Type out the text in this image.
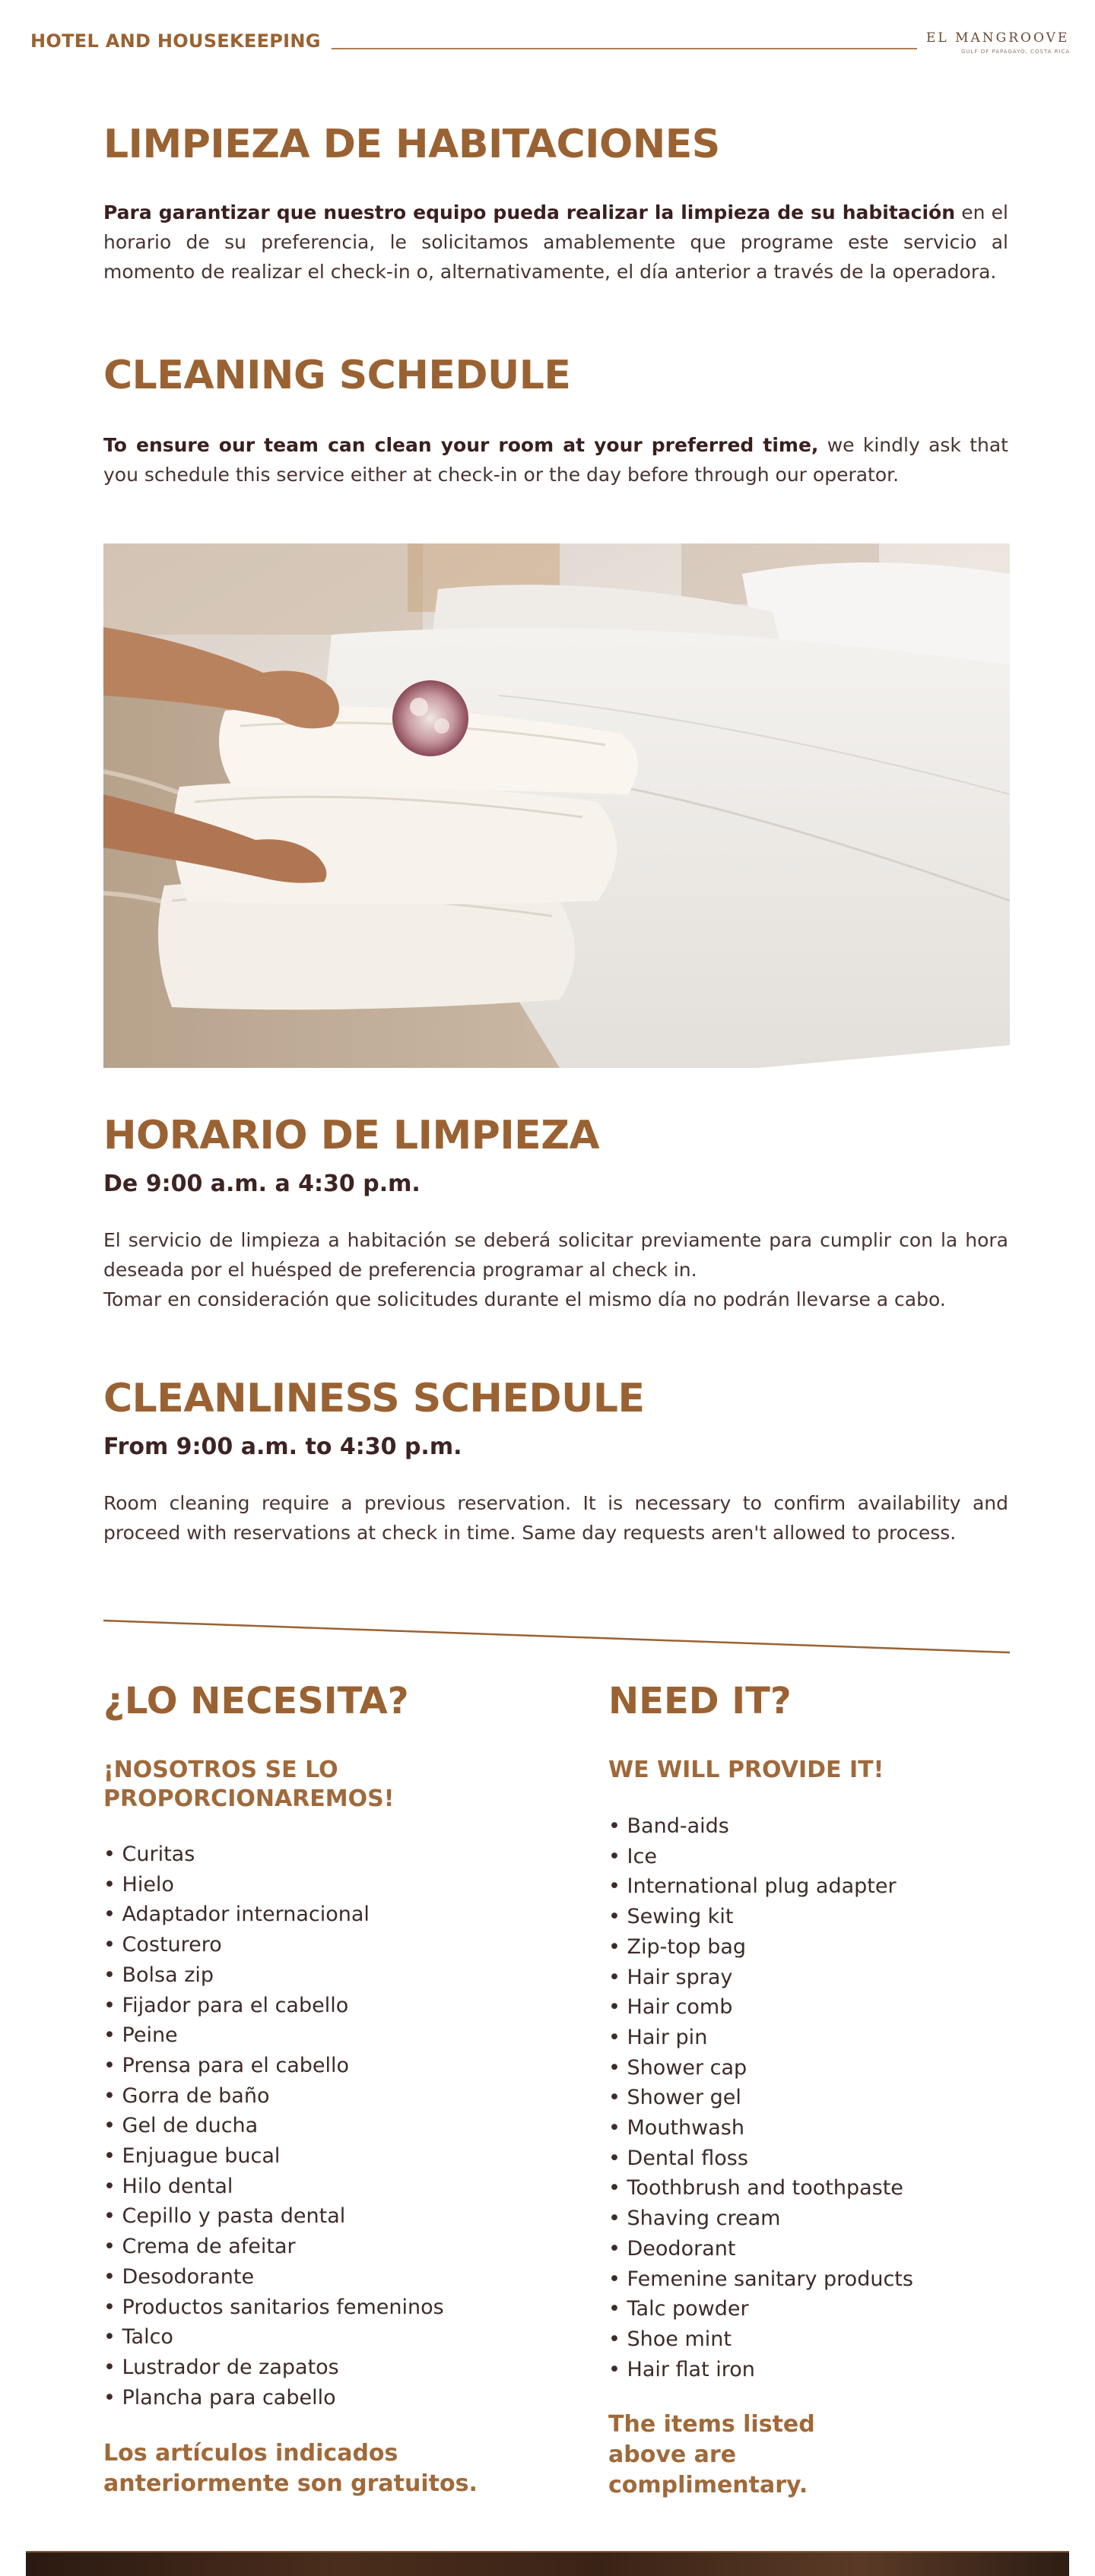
HOTEL AND HOUSEKEEPING	EL MANGROOVE
GULF OF PAPAGAYO, COSTA RICA
LIMPIEZA DE HABITACIONES

Para garantizar que nuestro equipo pueda realizar la limpieza de su habitación en el horario de su preferencia, le solicitamos amablemente que programe este servicio al momento de realizar el check-in o, alternativamente, el día anterior a través de la operadora.

CLEANING SCHEDULE

To ensure our team can clean your room at your preferred time, we kindly ask that you schedule this service either at check-in or the day before through our operator.

HORARIO DE LIMPIEZA
De 9:00 a.m. a 4:30 p.m.

El servicio de limpieza a habitación se deberá solicitar previamente para cumplir con la hora deseada por el huésped de preferencia programar al check in.

Tomar en consideración que solicitudes durante el mismo día no podrán llevarse a cabo.

CLEANLINESS SCHEDULE
From 9:00 a.m. to 4:30 p.m.

Room cleaning require a previous reservation. It is necessary to confirm availability and proceed with reservations at check in time. Same day requests aren't allowed to process.

¿LO NECESITA?
¡NOSOTROS SE LO PROPORCIONAREMOS!
• Curitas
• Hielo
• Adaptador internacional
• Costurero
• Bolsa zip
• Fijador para el cabello
• Peine
• Prensa para el cabello
• Gorra de baño
• Gel de ducha
• Enjuague bucal
• Hilo dental
• Cepillo y pasta dental
• Crema de afeitar
• Desodorante
• Productos sanitarios femeninos
• Talco
• Lustrador de zapatos
• Plancha para cabello
Los artículos indicados anteriormente son gratuitos.
NEED IT?
WE WILL PROVIDE IT!
• Band-aids
• Ice
• International plug adapter
• Sewing kit
• Zip-top bag
• Hair spray
• Hair comb
• Hair pin
• Shower cap
• Shower gel
• Mouthwash
• Dental floss
• Toothbrush and toothpaste
• Shaving cream
• Deodorant
• Femenine sanitary products
• Talc powder
• Shoe mint
• Hair flat iron
The items listed above are complimentary.
